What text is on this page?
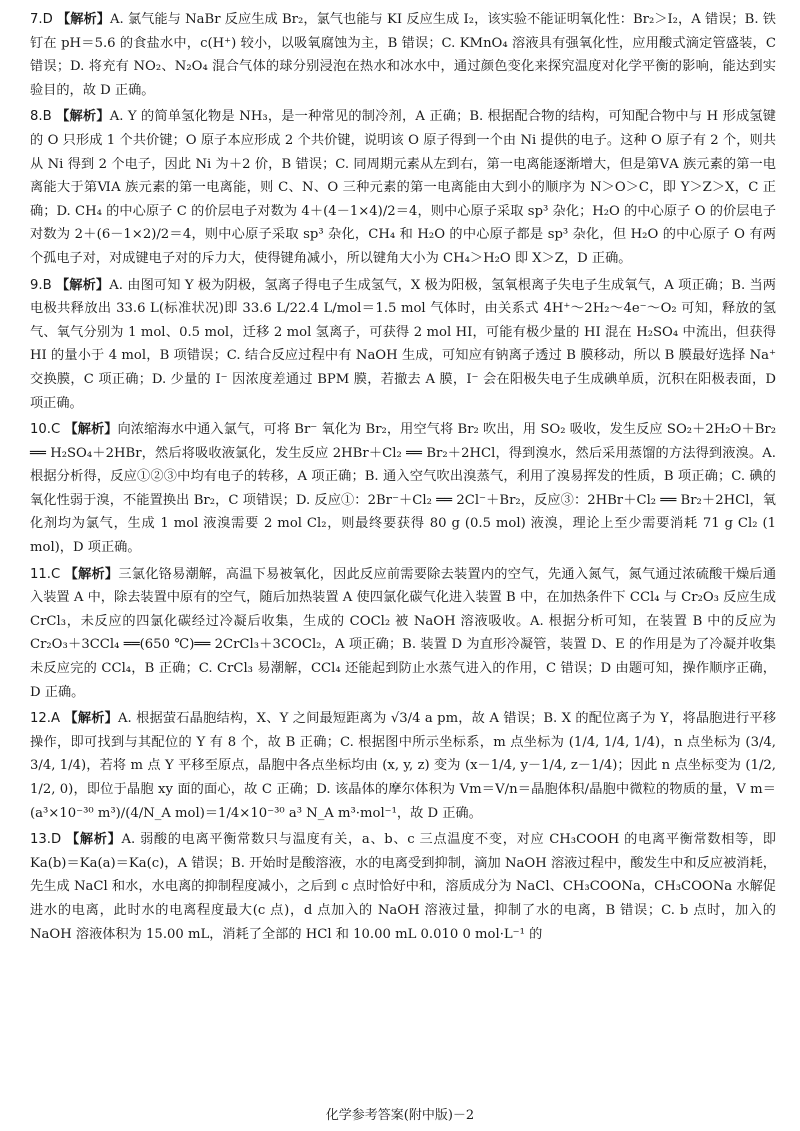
7.D 【解析】A. 氯气能与 NaBr 反应生成 Br₂，氯气也能与 KI 反应生成 I₂，该实验不能证明氧化性：Br₂＞I₂，A 错误；B. 铁钉在 pH＝5.6 的食盐水中，c(H⁺) 较小，以吸氧腐蚀为主，B 错误；C. KMnO₄ 溶液具有强氧化性，应用酸式滴定管盛装，C 错误；D. 将充有 NO₂、N₂O₄ 混合气体的球分别浸泡在热水和冰水中，通过颜色变化来探究温度对化学平衡的影响，能达到实验目的，故 D 正确。

8.B 【解析】A. Y 的简单氢化物是 NH₃，是一种常见的制冷剂，A 正确；B. 根据配合物的结构，可知配合物中与 H 形成氢键的 O 只形成 1 个共价键；O 原子本应形成 2 个共价键，说明该 O 原子得到一个由 Ni 提供的电子。这种 O 原子有 2 个，则共从 Ni 得到 2 个电子，因此 Ni 为＋2 价，B 错误；C. 同周期元素从左到右，第一电离能逐渐增大，但是第ⅤA 族元素的第一电离能大于第ⅥA 族元素的第一电离能，则 C、N、O 三种元素的第一电离能由大到小的顺序为 N＞O＞C，即 Y＞Z＞X，C 正确；D. CH₄ 的中心原子 C 的价层电子对数为 4＋(4－1×4)/2＝4，则中心原子采取 sp³ 杂化；H₂O 的中心原子 O 的价层电子对数为 2＋(6－1×2)/2＝4，则中心原子采取 sp³ 杂化，CH₄ 和 H₂O 的中心原子都是 sp³ 杂化，但 H₂O 的中心原子 O 有两个孤电子对，对成键电子对的斥力大，使得键角减小，所以键角大小为 CH₄＞H₂O 即 X＞Z，D 正确。

9.B 【解析】A. 由图可知 Y 极为阴极，氢离子得电子生成氢气，X 极为阳极，氢氧根离子失电子生成氧气，A 项正确；B. 当两电极共释放出 33.6 L(标准状况)即 33.6 L/22.4 L/mol＝1.5 mol 气体时，由关系式 4H⁺～2H₂～4e⁻～O₂ 可知，释放的氢气、氧气分别为 1 mol、0.5 mol，迁移 2 mol 氢离子，可获得 2 mol HI，可能有极少量的 HI 混在 H₂SO₄ 中流出，但获得 HI 的量小于 4 mol，B 项错误；C. 结合反应过程中有 NaOH 生成，可知应有钠离子透过 B 膜移动，所以 B 膜最好选择 Na⁺ 交换膜，C 项正确；D. 少量的 I⁻ 因浓度差通过 BPM 膜，若撤去 A 膜，I⁻ 会在阳极失电子生成碘单质，沉积在阳极表面，D 项正确。

10.C 【解析】向浓缩海水中通入氯气，可将 Br⁻ 氧化为 Br₂，用空气将 Br₂ 吹出，用 SO₂ 吸收，发生反应 SO₂＋2H₂O＋Br₂ ══ H₂SO₄＋2HBr，然后将吸收液氯化，发生反应 2HBr＋Cl₂ ══ Br₂＋2HCl，得到溴水，然后采用蒸馏的方法得到液溴。A. 根据分析得，反应①②③中均有电子的转移，A 项正确；B. 通入空气吹出溴蒸气，利用了溴易挥发的性质，B 项正确；C. 碘的氧化性弱于溴，不能置换出 Br₂，C 项错误；D. 反应①：2Br⁻＋Cl₂ ══ 2Cl⁻＋Br₂，反应③：2HBr＋Cl₂ ══ Br₂＋2HCl，氧化剂均为氯气，生成 1 mol 液溴需要 2 mol Cl₂，则最终要获得 80 g (0.5 mol) 液溴，理论上至少需要消耗 71 g Cl₂ (1 mol)，D 项正确。

11.C 【解析】三氯化铬易潮解，高温下易被氧化，因此反应前需要除去装置内的空气，先通入氮气，氮气通过浓硫酸干燥后通入装置 A 中，除去装置中原有的空气，随后加热装置 A 使四氯化碳气化进入装置 B 中，在加热条件下 CCl₄ 与 Cr₂O₃ 反应生成 CrCl₃，未反应的四氯化碳经过冷凝后收集，生成的 COCl₂ 被 NaOH 溶液吸收。A. 根据分析可知，在装置 B 中的反应为 Cr₂O₃＋3CCl₄ ══(650 ℃)══ 2CrCl₃＋3COCl₂，A 项正确；B. 装置 D 为直形冷凝管，装置 D、E 的作用是为了冷凝并收集未反应完的 CCl₄，B 正确；C. CrCl₃ 易潮解，CCl₄ 还能起到防止水蒸气进入的作用，C 错误；D 由题可知，操作顺序正确，D 正确。

12.A 【解析】A. 根据萤石晶胞结构，X、Y 之间最短距离为 √3/4 a pm，故 A 错误；B. X 的配位离子为 Y，将晶胞进行平移操作，即可找到与其配位的 Y 有 8 个，故 B 正确；C. 根据图中所示坐标系，m 点坐标为 (1/4, 1/4, 1/4)，n 点坐标为 (3/4, 3/4, 1/4)，若将 m 点 Y 平移至原点，晶胞中各点坐标均由 (x, y, z) 变为 (x－1/4, y－1/4, z－1/4)；因此 n 点坐标变为 (1/2, 1/2, 0)，即位于晶胞 xy 面的面心，故 C 正确；D. 该晶体的摩尔体积为 Vm＝V/n＝晶胞体积/晶胞中微粒的物质的量，V m＝(a³×10⁻³⁰ m³)/(4/N_A mol)＝1/4×10⁻³⁰ a³ N_A m³·mol⁻¹，故 D 正确。

13.D 【解析】A. 弱酸的电离平衡常数只与温度有关，a、b、c 三点温度不变，对应 CH₃COOH 的电离平衡常数相等，即 Ka(b)＝Ka(a)＝Ka(c)，A 错误；B. 开始时是酸溶液，水的电离受到抑制，滴加 NaOH 溶液过程中，酸发生中和反应被消耗，先生成 NaCl 和水，水电离的抑制程度减小，之后到 c 点时恰好中和，溶质成分为 NaCl、CH₃COONa，CH₃COONa 水解促进水的电离，此时水的电离程度最大(c 点)，d 点加入的 NaOH 溶液过量，抑制了水的电离，B 错误；C. b 点时，加入的 NaOH 溶液体积为 15.00 mL，消耗了全部的 HCl 和 10.00 mL 0.010 0 mol·L⁻¹ 的

化学参考答案(附中版)－2
